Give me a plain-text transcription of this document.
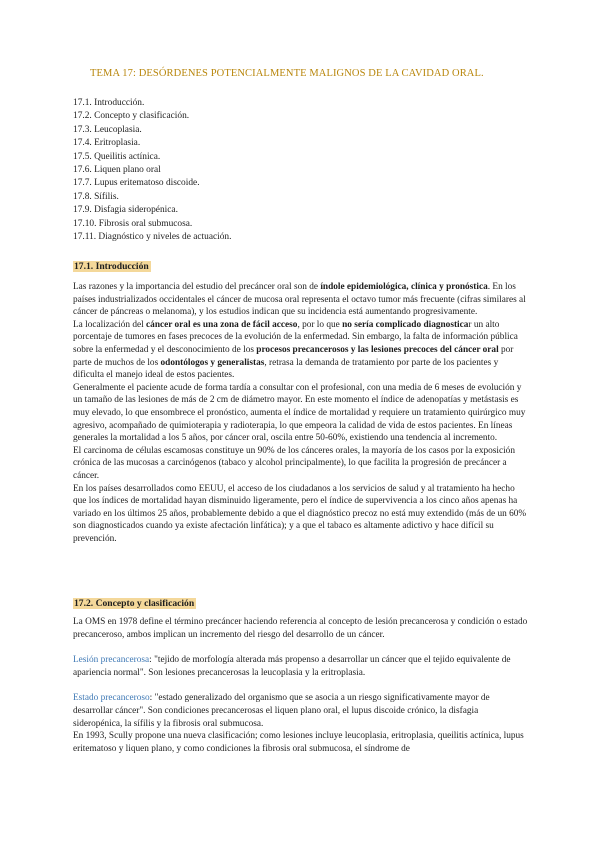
TEMA 17: DESÓRDENES POTENCIALMENTE MALIGNOS DE LA CAVIDAD ORAL.
17.1. Introducción.
17.2. Concepto y clasificación.
17.3. Leucoplasia.
17.4. Eritroplasia.
17.5. Queilitis actínica.
17.6. Liquen plano oral
17.7. Lupus eritematoso discoide.
17.8. Sífilis.
17.9. Disfagia sideropénica.
17.10. Fibrosis oral submucosa.
17.11. Diagnóstico y niveles de actuación.
17.1. Introducción

Las razones y la importancia del estudio del precáncer oral son de índole epidemiológica, clínica y pronóstica. En los países industrializados occidentales el cáncer de mucosa oral representa el octavo tumor más frecuente (cifras similares al cáncer de páncreas o melanoma), y los estudios indican que su incidencia está aumentando progresivamente.

La localización del cáncer oral es una zona de fácil acceso, por lo que no sería complicado diagnosticar un alto porcentaje de tumores en fases precoces de la evolución de la enfermedad. Sin embargo, la falta de información pública sobre la enfermedad y el desconocimiento de los procesos precancerosos y las lesiones precoces del cáncer oral por parte de muchos de los odontólogos y generalistas, retrasa la demanda de tratamiento por parte de los pacientes y dificulta el manejo ideal de estos pacientes.

Generalmente el paciente acude de forma tardía a consultar con el profesional, con una media de 6 meses de evolución y un tamaño de las lesiones de más de 2 cm de diámetro mayor. En este momento el índice de adenopatías y metástasis es muy elevado, lo que ensombrece el pronóstico, aumenta el índice de mortalidad y requiere un tratamiento quirúrgico muy agresivo, acompañado de quimioterapia y radioterapia, lo que empeora la calidad de vida de estos pacientes. En líneas generales la mortalidad a los 5 años, por cáncer oral, oscila entre 50-60%, existiendo una tendencia al incremento.

El carcinoma de células escamosas constituye un 90% de los cánceres orales, la mayoría de los casos por la exposición crónica de las mucosas a carcinógenos (tabaco y alcohol principalmente), lo que facilita la progresión de precáncer a cáncer.

En los países desarrollados como EEUU, el acceso de los ciudadanos a los servicios de salud y al tratamiento ha hecho que los índices de mortalidad hayan disminuido ligeramente, pero el índice de supervivencia a los cinco años apenas ha variado en los últimos 25 años, probablemente debido a que el diagnóstico precoz no está muy extendido (más de un 60% son diagnosticados cuando ya existe afectación linfática); y a que el tabaco es altamente adictivo y hace difícil su prevención.

17.2. Concepto y clasificación

La OMS en 1978 define el término precáncer haciendo referencia al concepto de lesión precancerosa y condición o estado precanceroso, ambos implican un incremento del riesgo del desarrollo de un cáncer.

Lesión precancerosa: "tejido de morfología alterada más propenso a desarrollar un cáncer que el tejido equivalente de apariencia normal". Son lesiones precancerosas la leucoplasia y la eritroplasia.

Estado precanceroso: "estado generalizado del organismo que se asocia a un riesgo significativamente mayor de desarrollar cáncer". Son condiciones precancerosas el liquen plano oral, el lupus discoide crónico, la disfagia sideropénica, la sífilis y la fibrosis oral submucosa.

En 1993, Scully propone una nueva clasificación; como lesiones incluye leucoplasia, eritroplasia, queilitis actínica, lupus eritematoso y liquen plano, y como condiciones la fibrosis oral submucosa, el síndrome de
